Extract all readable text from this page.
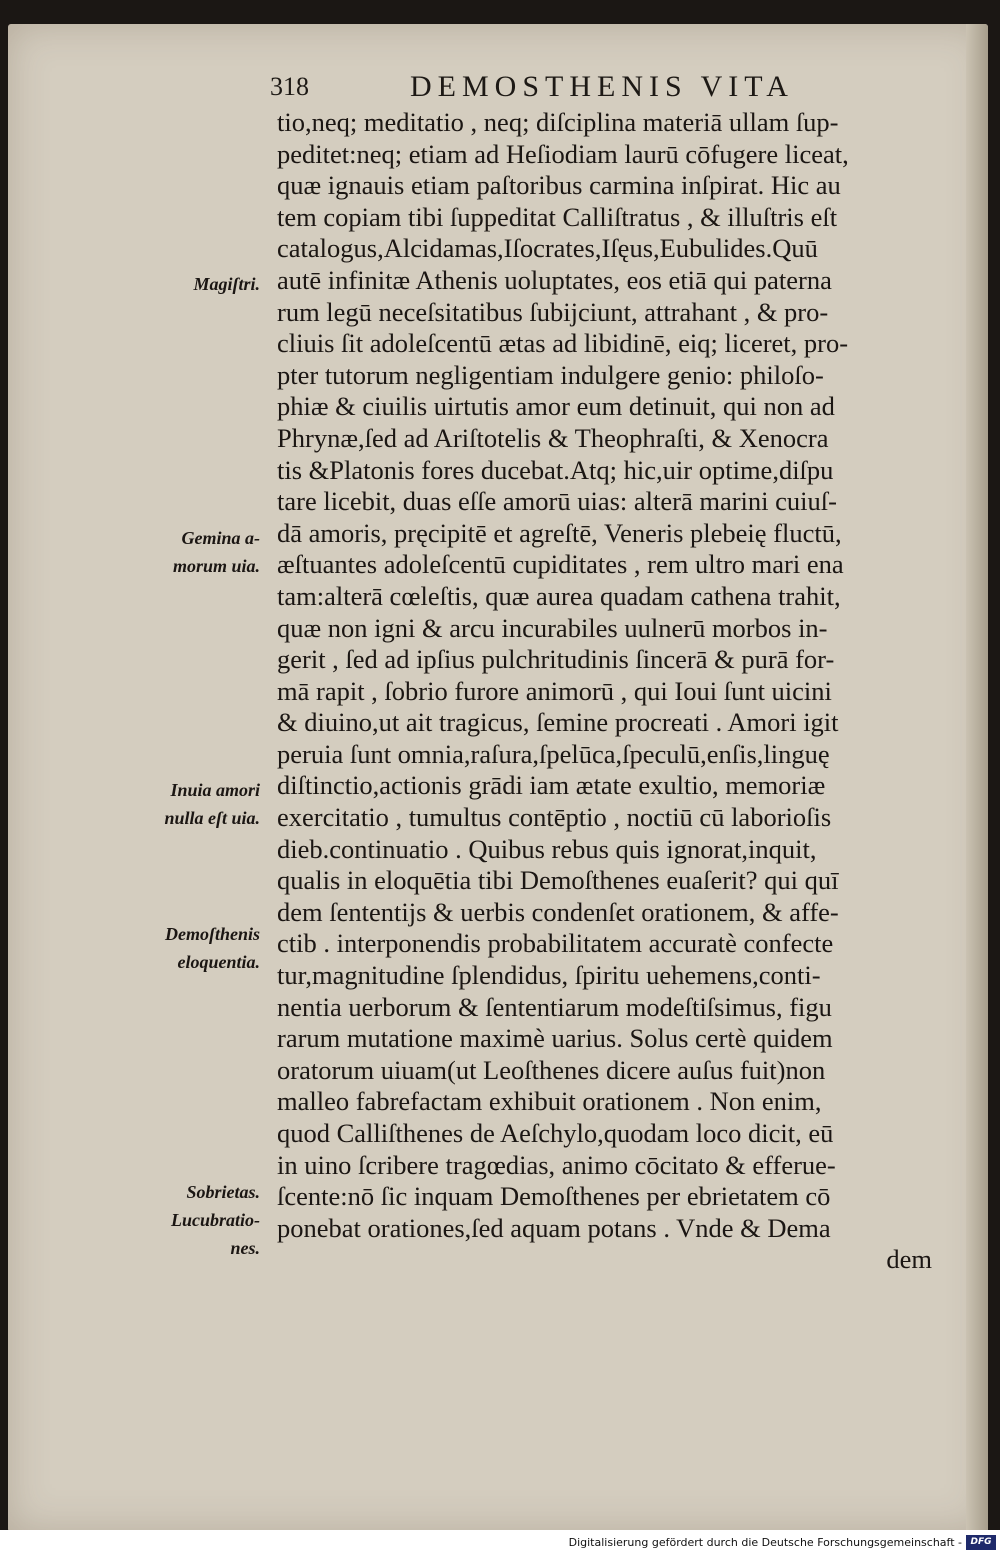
318	DEMOSTHENIS VITA
tio,neq; meditatio , neq; diſciplina materiā ullam ſup-
peditet:neq; etiam ad Heſiodiam laurū cōfugere liceat,
quæ ignauis etiam paſtoribus carmina inſpirat. Hic au
tem copiam tibi ſuppeditat Calliſtratus , & illuſtris eſt
catalogus,Alcidamas,Iſocrates,Iſęus,Eubulides.Quū
autē infinitæ Athenis uoluptates, eos etiā qui paterna
rum legū neceſsitatibus ſubijciunt, attrahant , & pro-
cliuis ſit adoleſcentū ætas ad libidinē, eiq; liceret, pro-
pter tutorum negligentiam indulgere genio: philoſo-
phiæ & ciuilis uirtutis amor eum detinuit, qui non ad
Phrynæ,ſed ad Ariſtotelis & Theophraſti, & Xenocra
tis &Platonis fores ducebat.Atq; hic,uir optime,diſpu
tare licebit, duas eſſe amorū uias: alterā marini cuiuſ-
dā amoris, pręcipitē et agreſtē, Veneris plebeię fluctū,
æſtuantes adoleſcentū cupiditates , rem ultro mari ena
tam:alterā cœleſtis, quæ aurea quadam cathena trahit,
quæ non igni & arcu incurabiles uulnerū morbos in-
gerit , ſed ad ipſius pulchritudinis ſincerā & purā for-
mā rapit , ſobrio furore animorū , qui Ioui ſunt uicini
& diuino,ut ait tragicus, ſemine procreati . Amori igit
peruia ſunt omnia,raſura,ſpelūca,ſpeculū,enſis,linguę
diſtinctio,actionis grādi iam ætate exultio, memoriæ
exercitatio , tumultus contēptio , noctiū cū laborioſis
dieb.continuatio . Quibus rebus quis ignorat,inquit,
qualis in eloquētia tibi Demoſthenes euaſerit? qui quī
dem ſententijs & uerbis condenſet orationem, & affe-
ctib . interponendis probabilitatem accuratè confecte
tur,magnitudine ſplendidus, ſpiritu uehemens,conti-
nentia uerborum & ſententiarum modeſtiſsimus, figu
rarum mutatione maximè uarius. Solus certè quidem
oratorum uiuam(ut Leoſthenes dicere auſus fuit)non
malleo fabrefactam exhibuit orationem . Non enim,
quod Calliſthenes de Aeſchylo,quodam loco dicit, eū
in uino ſcribere tragœdias, animo cōcitato & efferue-
ſcente:nō ſic inquam Demoſthenes per ebrietatem cō
ponebat orationes,ſed aquam potans . Vnde & Dema
dem
Magiſtri.
Gemina a-
morum uia.
Inuia amori
nulla eſt uia.
Demoſthenis
eloquentia.
Sobrietas.
Lucubratio-
nes.
Digitalisierung gefördert durch die Deutsche Forschungsgemeinschaft - DFG
